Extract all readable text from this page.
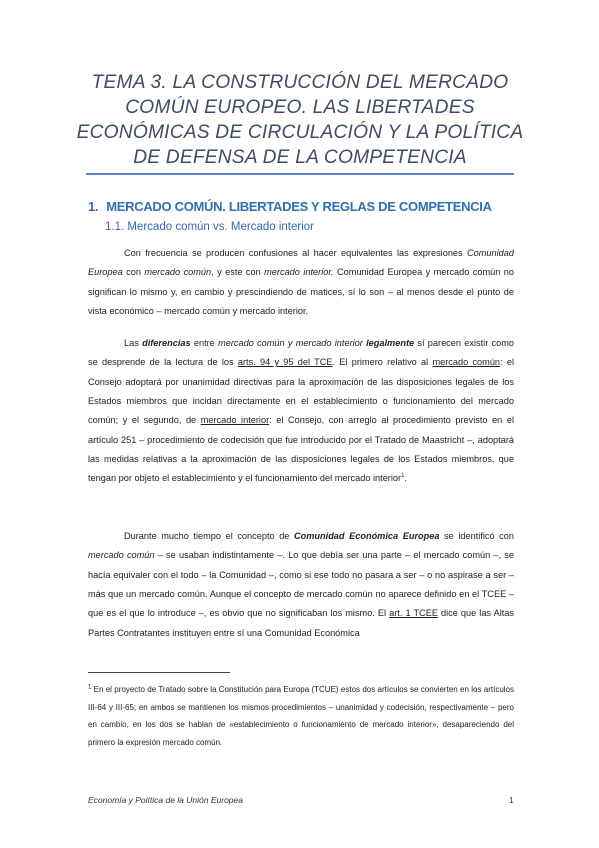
TEMA 3. LA CONSTRUCCIÓN DEL MERCADO COMÚN EUROPEO. LAS LIBERTADES ECONÓMICAS DE CIRCULACIÓN Y LA POLÍTICA DE DEFENSA DE LA COMPETENCIA
1. MERCADO COMÚN. LIBERTADES Y REGLAS DE COMPETENCIA
1.1. Mercado común vs. Mercado interior
Con frecuencia se producen confusiones al hacer equivalentes las expresiones Comunidad Europea con mercado común, y este con mercado interior. Comunidad Europea y mercado común no significan lo mismo y, en cambio y prescindiendo de matices, sí lo son – al menos desde el punto de vista económico – mercado común y mercado interior.
Las diferencias entre mercado común y mercado interior legalmente sí parecen existir como se desprende de la lectura de los arts. 94 y 95 del TCE. El primero relativo al mercado común: el Consejo adoptará por unanimidad directivas para la aproximación de las disposiciones legales de los Estados miembros que incidan directamente en el establecimiento o funcionamiento del mercado común; y el segundo, de mercado interior: el Consejo, con arreglo al procedimiento previsto en el artículo 251 – procedimiento de codecisión que fue introducido por el Tratado de Maastricht –, adoptará las medidas relativas a la aproximación de las disposiciones legales de los Estados miembros, que tengan por objeto el establecimiento y el funcionamiento del mercado interior$^1$.
Durante mucho tiempo el concepto de Comunidad Económica Europea se identificó con mercado común – se usaban indistintamente –. Lo que debía ser una parte – el mercado común –, se hacía equivaler con el todo – la Comunidad –, como si ese todo no pasara a ser – o no aspirase a ser – más que un mercado común. Aunque el concepto de mercado común no aparece definido en el TCEE – que es el que lo introduce –, es obvio que no significaban los mismo. El art. 1 TCEE dice que las Altas Partes Contratantes instituyen entre sí una Comunidad Económica
$^1$ En el proyecto de Tratado sobre la Constitución para Europa (TCUE) estos dos artículos se convierten en los artículos III-64 y III-65; en ambos se mantienen los mismos procedimientos – unanimidad y codecisión, respectivamente – pero en cambio, en los dos se hablan de «establecimiento o funcionamiento de mercado interior», desapareciendo del primero la expresión mercado común.
Economía y Política de la Unión Europea	1
